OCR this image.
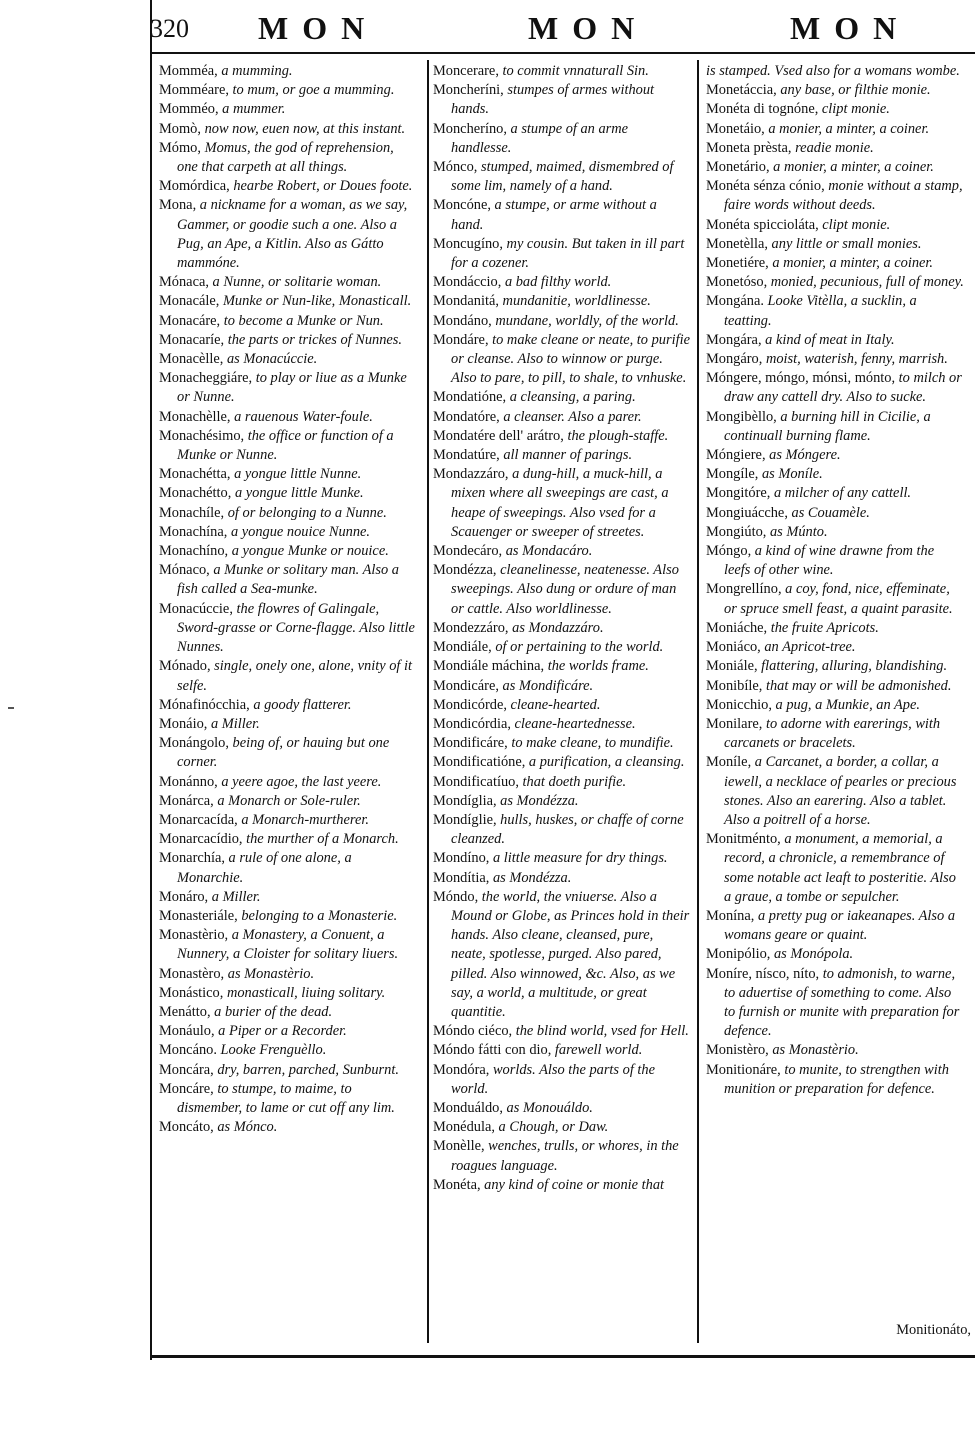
320 MON	MON	MON
Momméa, a mumming.
Momméare, to mum, or goe a mumming.
Momméo, a mummer.
Momò, now now, euen now, at this instant.
Mómo, Momus, the god of reprehension, one that carpeth at all things.
Momórdica, hearbe Robert, or Doues foote.
Mona, a nickname for a woman, as we say, Gammer, or goodie such a one. Also a Pug, an Ape, a Kitlin. Also as Gátto mammóne.
Mónaca, a Nunne, or solitarie woman.
Monacále, Munke or Nun-like, Monasticall.
Monacáre, to become a Munke or Nun.
Monacaríe, the parts or trickes of Nunnes.
Monacèlle, as Monacúccie.
Monacheggiáre, to play or liue as a Munke or Nunne.
Monachèlle, a rauenous Water-foule.
Monachésimo, the office or function of a Munke or Nunne.
Monachétta, a yongue little Nunne.
Monachétto, a yongue little Munke.
Monachíle, of or belonging to a Nunne.
Monachína, a yongue nouice Nunne.
Monachíno, a yongue Munke or nouice.
Mónaco, a Munke or solitary man. Also a fish called a Sea-munke.
Monacúccie, the flowres of Galingale, Sword-grasse or Corne-flagge. Also little Nunnes.
Mónado, single, onely one, alone, vnity of it selfe.
Mónafinócchia, a goody flatterer.
Monáio, a Miller.
Monángolo, being of, or hauing but one corner.
Monánno, a yeere agoe, the last yeere.
Monárca, a Monarch or Sole-ruler.
Monarcacída, a Monarch-murtherer.
Monarcacídio, the murther of a Monarch.
Monarchía, a rule of one alone, a Monarchie.
Monáro, a Miller.
Monasteriále, belonging to a Monasterie.
Monastèrio, a Monastery, a Conuent, a Nunnery, a Cloister for solitary liuers.
Monastèro, as Monastèrio.
Monástico, monasticall, liuing solitary.
Menátto, a burier of the dead.
Monáulo, a Piper or a Recorder.
Moncáno. Looke Frenguèllo.
Moncára, dry, barren, parched, Sunburnt.
Moncáre, to stumpe, to maime, to dismember, to lame or cut off any lim.
Moncáto, as Mónco.
Moncerare, to commit vnnaturall Sin.
Moncheríni, stumpes of armes without hands.
Moncheríno, a stumpe of an arme handlesse.
Mónco, stumped, maimed, dismembred of some lim, namely of a hand.
Moncóne, a stumpe, or arme without a hand.
Moncugíno, my cousin. But taken in ill part for a cozener.
Mondáccio, a bad filthy world.
Mondanitá, mundanitie, worldlinesse.
Mondáno, mundane, worldly, of the world.
Mondáre, to make cleane or neate, to purifie or cleanse. Also to winnow or purge. Also to pare, to pill, to shale, to vnhuske.
Mondatióne, a cleansing, a paring.
Mondatóre, a cleanser. Also a parer.
Mondatére dell' arátro, the plough-staffe.
Mondatúre, all manner of parings.
Mondazzáro, a dung-hill, a muck-hill, a mixen where all sweepings are cast, a heape of sweepings. Also vsed for a Scauenger or sweeper of streetes.
Mondecáro, as Mondacáro.
Mondézza, cleanelinesse, neatenesse. Also sweepings. Also dung or ordure of man or cattle. Also worldlinesse.
Mondezzáro, as Mondazzáro.
Mondiále, of or pertaining to the world.
Mondiále máchina, the worlds frame.
Mondicáre, as Mondificáre.
Mondicórde, cleane-hearted.
Mondicórdia, cleane-heartednesse.
Mondificáre, to make cleane, to mundifie.
Mondificatióne, a purification, a cleansing.
Mondificatíuo, that doeth purifie.
Mondíglia, as Mondézza.
Mondíglie, hulls, huskes, or chaffe of corne cleanzed.
Mondíno, a little measure for dry things.
Mondítia, as Mondézza.
Móndo, the world, the vniuerse. Also a Mound or Globe, as Princes hold in their hands. Also cleane, cleansed, pure, neate, spotlesse, purged. Also pared, pilled. Also winnowed, &c. Also, as we say, a world, a multitude, or great quantitie.
Móndo ciéco, the blind world, vsed for Hell.
Móndo fátti con dio, farewell world.
Mondóra, worlds. Also the parts of the world.
Monduáldo, as Monouáldo.
Monédula, a Chough, or Daw.
Monèlle, wenches, trulls, or whores, in the roagues language.
Monéta, any kind of coine or monie that
is stamped. Vsed also for a womans wombe.
Monetáccia, any base, or filthie monie.
Monéta di tognóne, clipt monie.
Monetáio, a monier, a minter, a coiner.
Moneta prèsta, readie monie.
Monetário, a monier, a minter, a coiner.
Monéta sénza cónio, monie without a stamp, faire words without deeds.
Monéta spiccioláta, clipt monie.
Monetèlla, any little or small monies.
Monetiére, a monier, a minter, a coiner.
Monetóso, monied, pecunious, full of money.
Mongána. Looke Vitèlla, a sucklin, a teatting.
Mongára, a kind of meat in Italy.
Mongáro, moist, waterish, fenny, marrish.
Móngere, móngo, mónsi, mónto, to milch or draw any cattell dry. Also to sucke.
Mongibèllo, a burning hill in Cicilie, a continuall burning flame.
Móngiere, as Móngere.
Mongíle, as Moníle.
Mongitóre, a milcher of any cattell.
Mongiuácche, as Couamèle.
Mongiúto, as Múnto.
Móngo, a kind of wine drawne from the leefs of other wine.
Mongrellíno, a coy, fond, nice, effeminate, or spruce smell feast, a quaint parasite.
Moniáche, the fruite Apricots.
Moniáco, an Apricot-tree.
Moniále, flattering, alluring, blandishing.
Monibíle, that may or will be admonished.
Monicchio, a pug, a Munkie, an Ape.
Monilare, to adorne with earerings, with carcanets or bracelets.
Moníle, a Carcanet, a border, a collar, a iewell, a necklace of pearles or precious stones. Also an earering. Also a tablet. Also a poitrell of a horse.
Monitménto, a monument, a memorial, a record, a chronicle, a remembrance of some notable act leaft to posteritie. Also a graue, a tombe or sepulcher.
Monína, a pretty pug or iakeanapes. Also a womans geare or quaint.
Monipólio, as Monópola.
Moníre, nísco, níto, to admonish, to warne, to aduertise of something to come. Also to furnish or munite with preparation for defence.
Monistèro, as Monastèrio.
Monitionáre, to munite, to strengthen with munition or preparation for defence.
Monitionáto,
